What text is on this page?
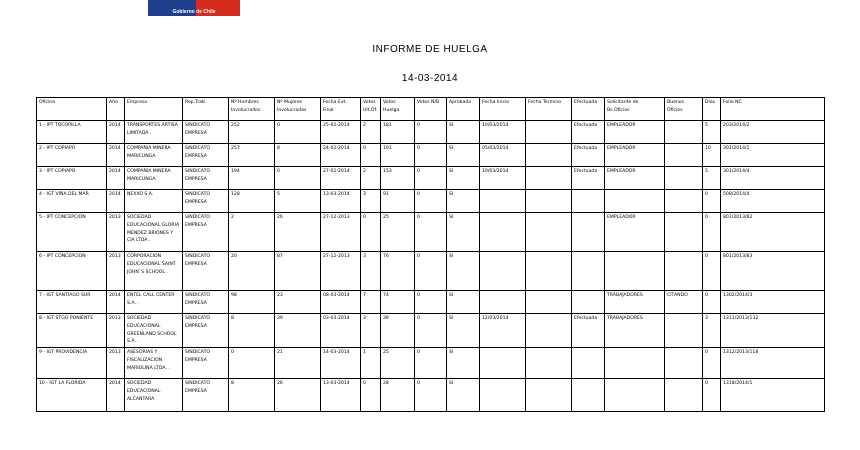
Gobierno de Chile
INFORME DE HUELGA
14-03-2014
Oficina	Año	Empresa	Rep.Trab.	Nº Hombres Involucrados	Nº Mujeres Involucradas	Fecha Ext. Final	Votos Ult.Of.	Votos Huelga	Votos N/B	Aprobada	Fecha Inicio	Fecha Termino	Efectuada	Solicitante de Bs.Oficios	Buenos Oficios	Días	Folio NC
1 - IPT TOCOPILLA	2014	TRANSPORTES ARTISA LIMITADA .	SINDICATO EMPRESA	252	0	25-02-2014	2	181	0	SI	10/03/2014		Efectuada	EMPLEADOR		5	203/2014/2
2 - IPT COPIAPO	2014	COMPAÑIA MINERA MARICUNGA.	SINDICATO EMPRESA	257	8	24-02-2014	0	191	0	SI	05/03/2014		Efectuada	EMPLEADOR		10	301/2014/1
3 - IPT COPIAPO	2014	COMPAÑIA MINERA MARICUNGA.	SINDICATO EMPRESA	194	0	27-02-2014	2	153	0	SI	10/03/2014		Efectuada	EMPLEADOR		5	301/2014/4
4 - IGT VIÑA DEL MAR	2014	NEXXO S.A.	SINDICATO EMPRESA	128	5	13-03-2014	3	91	0	SI						0	508/2014/4
5 - IPT CONCEPCION	2013	SOCIEDAD EDUCACIONAL GLORIA MENDEZ BRIONES Y CIA LTDA .	SINDICATO EMPRESA	2	26	27-12-2013	0	25	0	SI				EMPLEADOR		0	801/2013/82
6 - IPT CONCEPCION	2013	CORPORACION EDUCACIONAL SAINT JOHN`S SCHOOL .	SINDICATO EMPRESA	20	87	27-12-2013	3	76	0	SI						0	801/2013/83
7 - IGT SANTIAGO SUR	2014	ENTEL CALL CENTER S.A. .	SINDICATO EMPRESA	98	23	08-03-2014	7	74	0	SI				TRABAJADORES	CITANDO	0	1302/2014/3
8 - IGT STGO PONIENTE	2013	SOCIEDAD EDUCACIONAL GREENLAND SCHOOL S.A. .	SINDICATO EMPRESA	8	39	03-03-2014	3	39	0	SI	12/03/2014		Efectuada	TRABAJADORES		3	1311/2013/132
9 - IGT PROVIDENCIA	2013	ASESORIAS Y FISCALIZACION MARIOLINA LTDA. .	SINDICATO EMPRESA	0	21	14-03-2014	1	25	0	SI						0	1312/2013/118
10 - IGT LA FLORIDA	2014	SOCIEDAD EDUCACIONAL ALCANTARA	SINDICATO EMPRESA	8	26	13-03-2014	0	28	0	SI						0	1318/2014/1
